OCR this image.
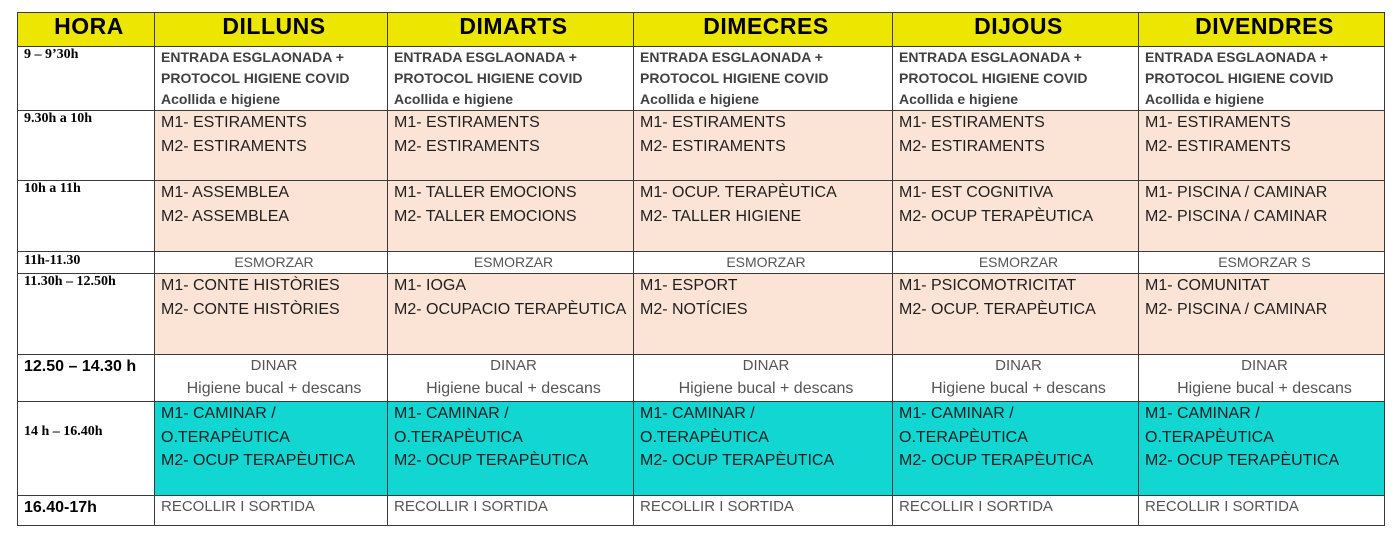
HORA	DILLUNS	DIMARTS	DIMECRES	DIJOUS	DIVENDRES
9 – 9’30h	ENTRADA ESGLAONADA +
PROTOCOL HIGIENE COVID
Acollida e higiene	ENTRADA ESGLAONADA +
PROTOCOL HIGIENE COVID
Acollida e higiene	ENTRADA ESGLAONADA +
PROTOCOL HIGIENE COVID
Acollida e higiene	ENTRADA ESGLAONADA +
PROTOCOL HIGIENE COVID
Acollida e higiene	ENTRADA ESGLAONADA +
PROTOCOL HIGIENE COVID
Acollida e higiene

9.30h a 10h	M1- ESTIRAMENTS
M2- ESTIRAMENTS	M1- ESTIRAMENTS
M2- ESTIRAMENTS	M1- ESTIRAMENTS
M2- ESTIRAMENTS	M1- ESTIRAMENTS
M2- ESTIRAMENTS	M1- ESTIRAMENTS
M2- ESTIRAMENTS

10h a 11h	M1- ASSEMBLEA
M2- ASSEMBLEA	M1- TALLER EMOCIONS
M2- TALLER EMOCIONS	M1- OCUP. TERAPÈUTICA
M2- TALLER HIGIENE	M1- EST COGNITIVA
M2- OCUP TERAPÈUTICA	M1- PISCINA / CAMINAR
M2- PISCINA / CAMINAR

11h-11.30	ESMORZAR	ESMORZAR	ESMORZAR	ESMORZAR	ESMORZAR S
11.30h – 12.50h	M1- CONTE HISTÒRIES
M2- CONTE HISTÒRIES	M1- IOGA
M2- OCUPACIO TERAPÈUTICA	M1- ESPORT
M2- NOTÍCIES	M1- PSICOMOTRICITAT
M2- OCUP. TERAPÈUTICA	M1- COMUNITAT
M2- PISCINA / CAMINAR

12.50 – 14.30 h	DINAR
Higiene bucal + descans	DINAR
Higiene bucal + descans	DINAR
Higiene bucal + descans	DINAR
Higiene bucal + descans	DINAR
Higiene bucal + descans

14 h – 16.40h	M1- CAMINAR /
O.TERAPÈUTICA
M2- OCUP TERAPÈUTICA	M1- CAMINAR /
O.TERAPÈUTICA
M2- OCUP TERAPÈUTICA	M1- CAMINAR /
O.TERAPÈUTICA
M2- OCUP TERAPÈUTICA	M1- CAMINAR /
O.TERAPÈUTICA
M2- OCUP TERAPÈUTICA	M1- CAMINAR /
O.TERAPÈUTICA
M2- OCUP TERAPÈUTICA

16.40-17h	RECOLLIR I SORTIDA	RECOLLIR I SORTIDA	RECOLLIR I SORTIDA	RECOLLIR I SORTIDA	RECOLLIR I SORTIDA
